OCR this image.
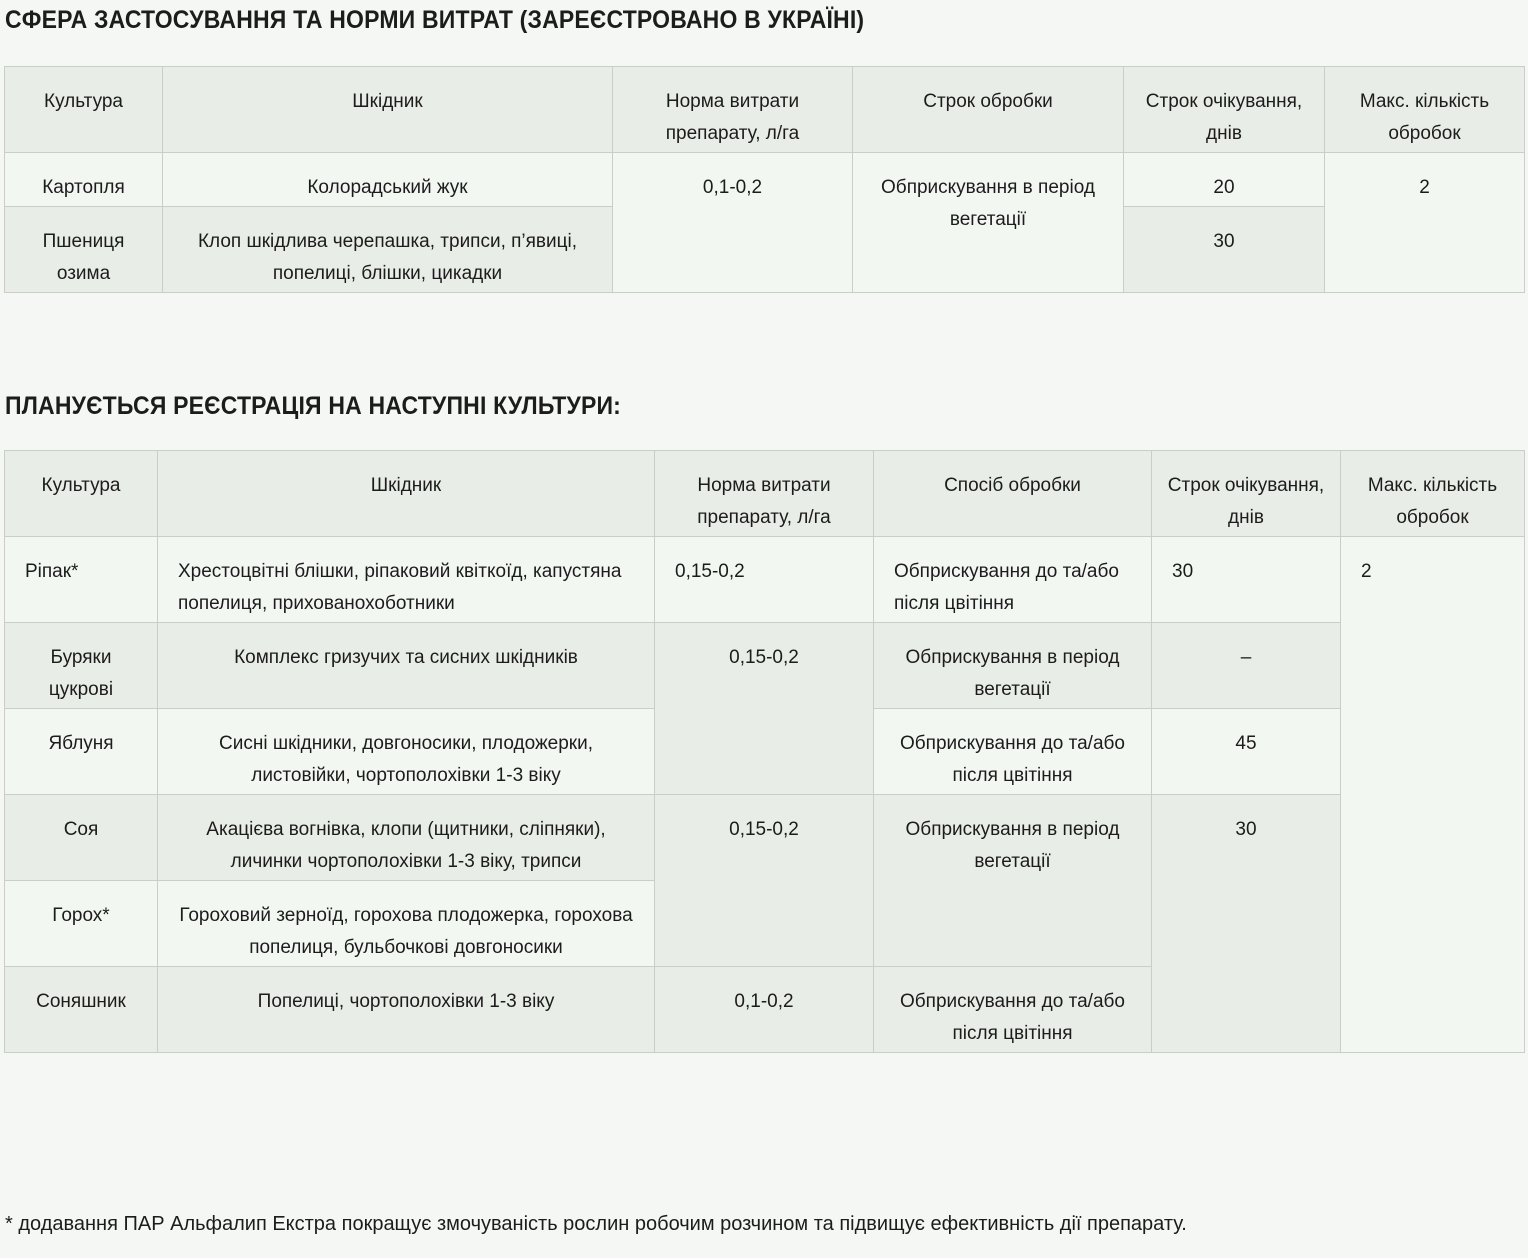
СФЕРА ЗАСТОСУВАННЯ ТА НОРМИ ВИТРАТ (ЗАРЕЄСТРОВАНО В УКРАЇНІ)
Культура	Шкідник	Норма витрати препарату, л/га	Строк обробки	Строк очікування, днів	Макс. кількість обробок
Картопля	Колорадський жук	0,1-0,2	Обприскування в період вегетації	20	2
Пшениця озима	Клоп шкідлива черепашка, трипси, п’явиці, попелиці, блішки, цикадки			30	
ПЛАНУЄТЬСЯ РЕЄСТРАЦІЯ НА НАСТУПНІ КУЛЬТУРИ:
Культура	Шкідник	Норма витрати препарату, л/га	Спосіб обробки	Строк очікування, днів	Макс. кількість обробок
Ріпак*	Хрестоцвітні блішки, ріпаковий квіткоїд, капустяна попелиця, прихованохоботники	0,15-0,2	Обприскування до та/або після цвітіння	30	2
Буряки цукрові	Комплекс гризучих та сисних шкідників	0,15-0,2	Обприскування в період вегетації	–	
Яблуня	Сисні шкідники, довгоносики, плодожерки, листовійки, чортополохівки 1-3 віку		Обприскування до та/або після цвітіння	45	
Соя	Акацієва вогнівка, клопи (щитники, сліпняки), личинки чортополохівки 1-3 віку, трипси	0,15-0,2	Обприскування в період вегетації	30	
Горох*	Гороховий зерноїд, горохова плодожерка, горохова попелиця, бульбочкові довгоносики				
Соняшник	Попелиці, чортополохівки 1-3 віку	0,1-0,2	Обприскування до та/або після цвітіння		
* додавання ПАР Альфалип Екстра покращує змочуваність рослин робочим розчином та підвищує ефективність дії препарату.
